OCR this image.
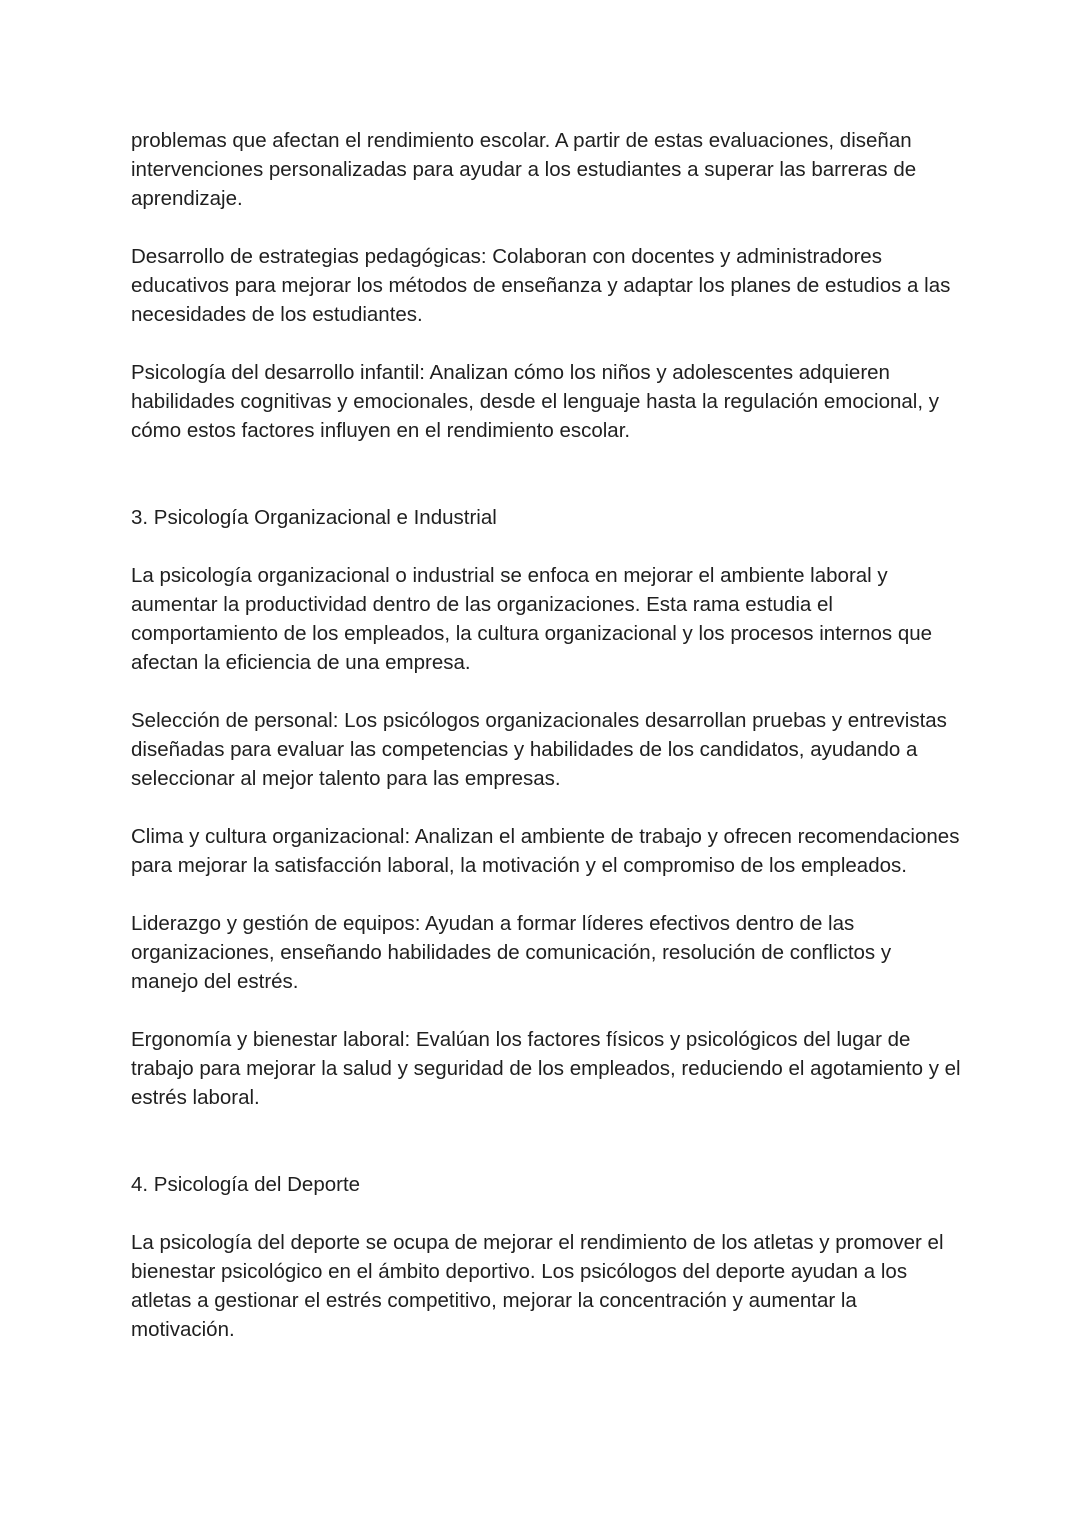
problemas que afectan el rendimiento escolar. A partir de estas evaluaciones, diseñan intervenciones personalizadas para ayudar a los estudiantes a superar las barreras de aprendizaje.

Desarrollo de estrategias pedagógicas: Colaboran con docentes y administradores educativos para mejorar los métodos de enseñanza y adaptar los planes de estudios a las necesidades de los estudiantes.

Psicología del desarrollo infantil: Analizan cómo los niños y adolescentes adquieren habilidades cognitivas y emocionales, desde el lenguaje hasta la regulación emocional, y cómo estos factores influyen en el rendimiento escolar.

3. Psicología Organizacional e Industrial

La psicología organizacional o industrial se enfoca en mejorar el ambiente laboral y aumentar la productividad dentro de las organizaciones. Esta rama estudia el comportamiento de los empleados, la cultura organizacional y los procesos internos que afectan la eficiencia de una empresa.

Selección de personal: Los psicólogos organizacionales desarrollan pruebas y entrevistas diseñadas para evaluar las competencias y habilidades de los candidatos, ayudando a seleccionar al mejor talento para las empresas.

Clima y cultura organizacional: Analizan el ambiente de trabajo y ofrecen recomendaciones para mejorar la satisfacción laboral, la motivación y el compromiso de los empleados.

Liderazgo y gestión de equipos: Ayudan a formar líderes efectivos dentro de las organizaciones, enseñando habilidades de comunicación, resolución de conflictos y manejo del estrés.

Ergonomía y bienestar laboral: Evalúan los factores físicos y psicológicos del lugar de trabajo para mejorar la salud y seguridad de los empleados, reduciendo el agotamiento y el estrés laboral.

4. Psicología del Deporte

La psicología del deporte se ocupa de mejorar el rendimiento de los atletas y promover el bienestar psicológico en el ámbito deportivo. Los psicólogos del deporte ayudan a los atletas a gestionar el estrés competitivo, mejorar la concentración y aumentar la motivación.
